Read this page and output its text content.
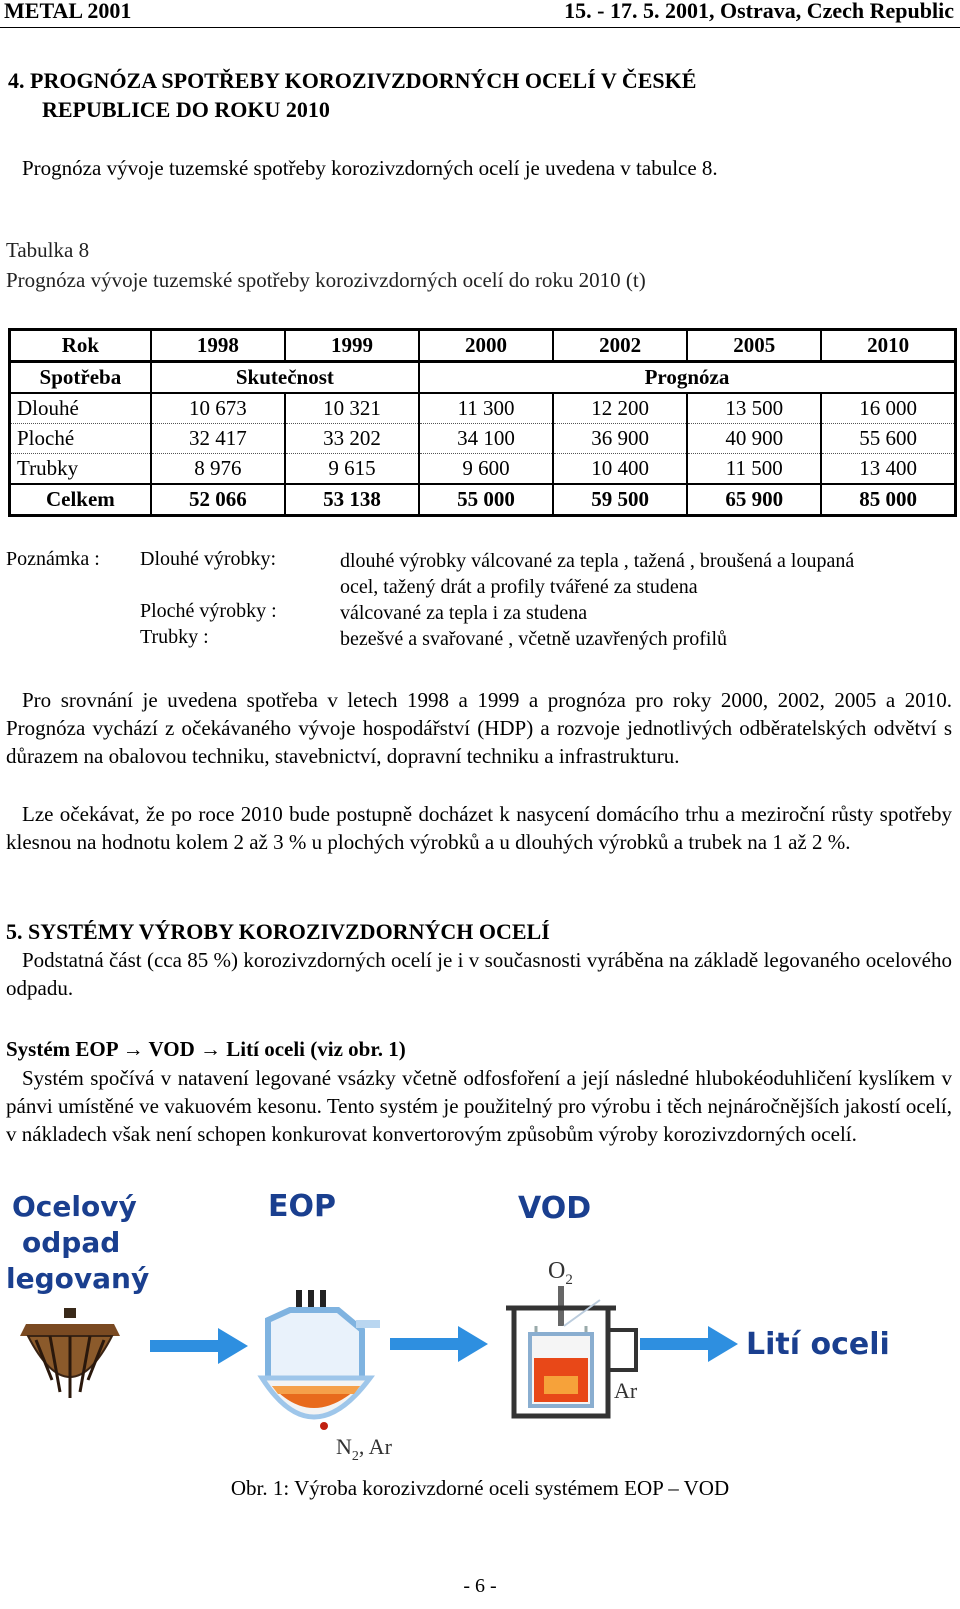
METAL 2001	15. - 17. 5. 2001, Ostrava, Czech Republic
4. PROGNÓZA SPOTŘEBY KOROZIVZDORNÝCH OCELÍ V ČESKÉ
REPUBLICE DO ROKU 2010
Prognóza vývoje tuzemské spotřeby korozivzdorných ocelí je uvedena v tabulce 8.
Tabulka 8
Prognóza vývoje tuzemské spotřeby korozivzdorných ocelí do roku 2010 (t)
Rok	1998	1999	2000	2002	2005	2010
Spotřeba	Skutečnost		Prognóza			
Dlouhé	10 673	10 321	11 300	12 200	13 500	16 000
Ploché	32 417	33 202	34 100	36 900	40 900	55 600
Trubky	8 976	9 615	9 600	10 400	11 500	13 400
Celkem	52 066	53 138	55 000	59 500	65 900	85 000
Poznámka : Dlouhé výrobky:	dlouhé výrobky válcované za tepla , tažená , broušená a loupaná
ocel, tažený drát a profily tvářené za studena
Ploché výrobky :	válcované za tepla i za studena
Trubky :	bezešvé a svařované , včetně uzavřených profilů
Pro srovnání je uvedena spotřeba v letech 1998 a 1999 a prognóza pro roky 2000, 2002, 2005 a 2010. Prognóza vychází z očekávaného vývoje hospodářství (HDP) a rozvoje jednotlivých odběratelských odvětví s důrazem na obalovou techniku, stavebnictví, dopravní techniku a infrastrukturu.
Lze očekávat, že po roce 2010 bude postupně docházet k nasycení domácího trhu a meziroční růsty spotřeby klesnou na hodnotu kolem 2 až 3 % u plochých výrobků a u dlouhých výrobků a trubek na 1 až 2 %.
5. SYSTÉMY VÝROBY KOROZIVZDORNÝCH OCELÍ
Podstatná část (cca 85 %) korozivzdorných ocelí je i v současnosti vyráběna na základě legovaného ocelového odpadu.
Systém EOP → VOD → Lití oceli (viz obr. 1)
Systém spočívá v natavení legované vsázky včetně odfosfoření a její následné hlubokéoduhličení kyslíkem v pánvi umístěné ve vakuovém kesonu. Tento systém je použitelný pro výrobu i těch nejnáročnějších jakostí ocelí, v nákladech však není schopen konkurovat konvertorovým způsobům výroby korozivzdorných ocelí.
Ocelový
odpad
legovaný
EOP
$N_2$, Ar
VOD
$O_2$
Ar
Lití oceli
Obr. 1: Výroba korozivzdorné oceli systémem EOP – VOD
- 6 -
